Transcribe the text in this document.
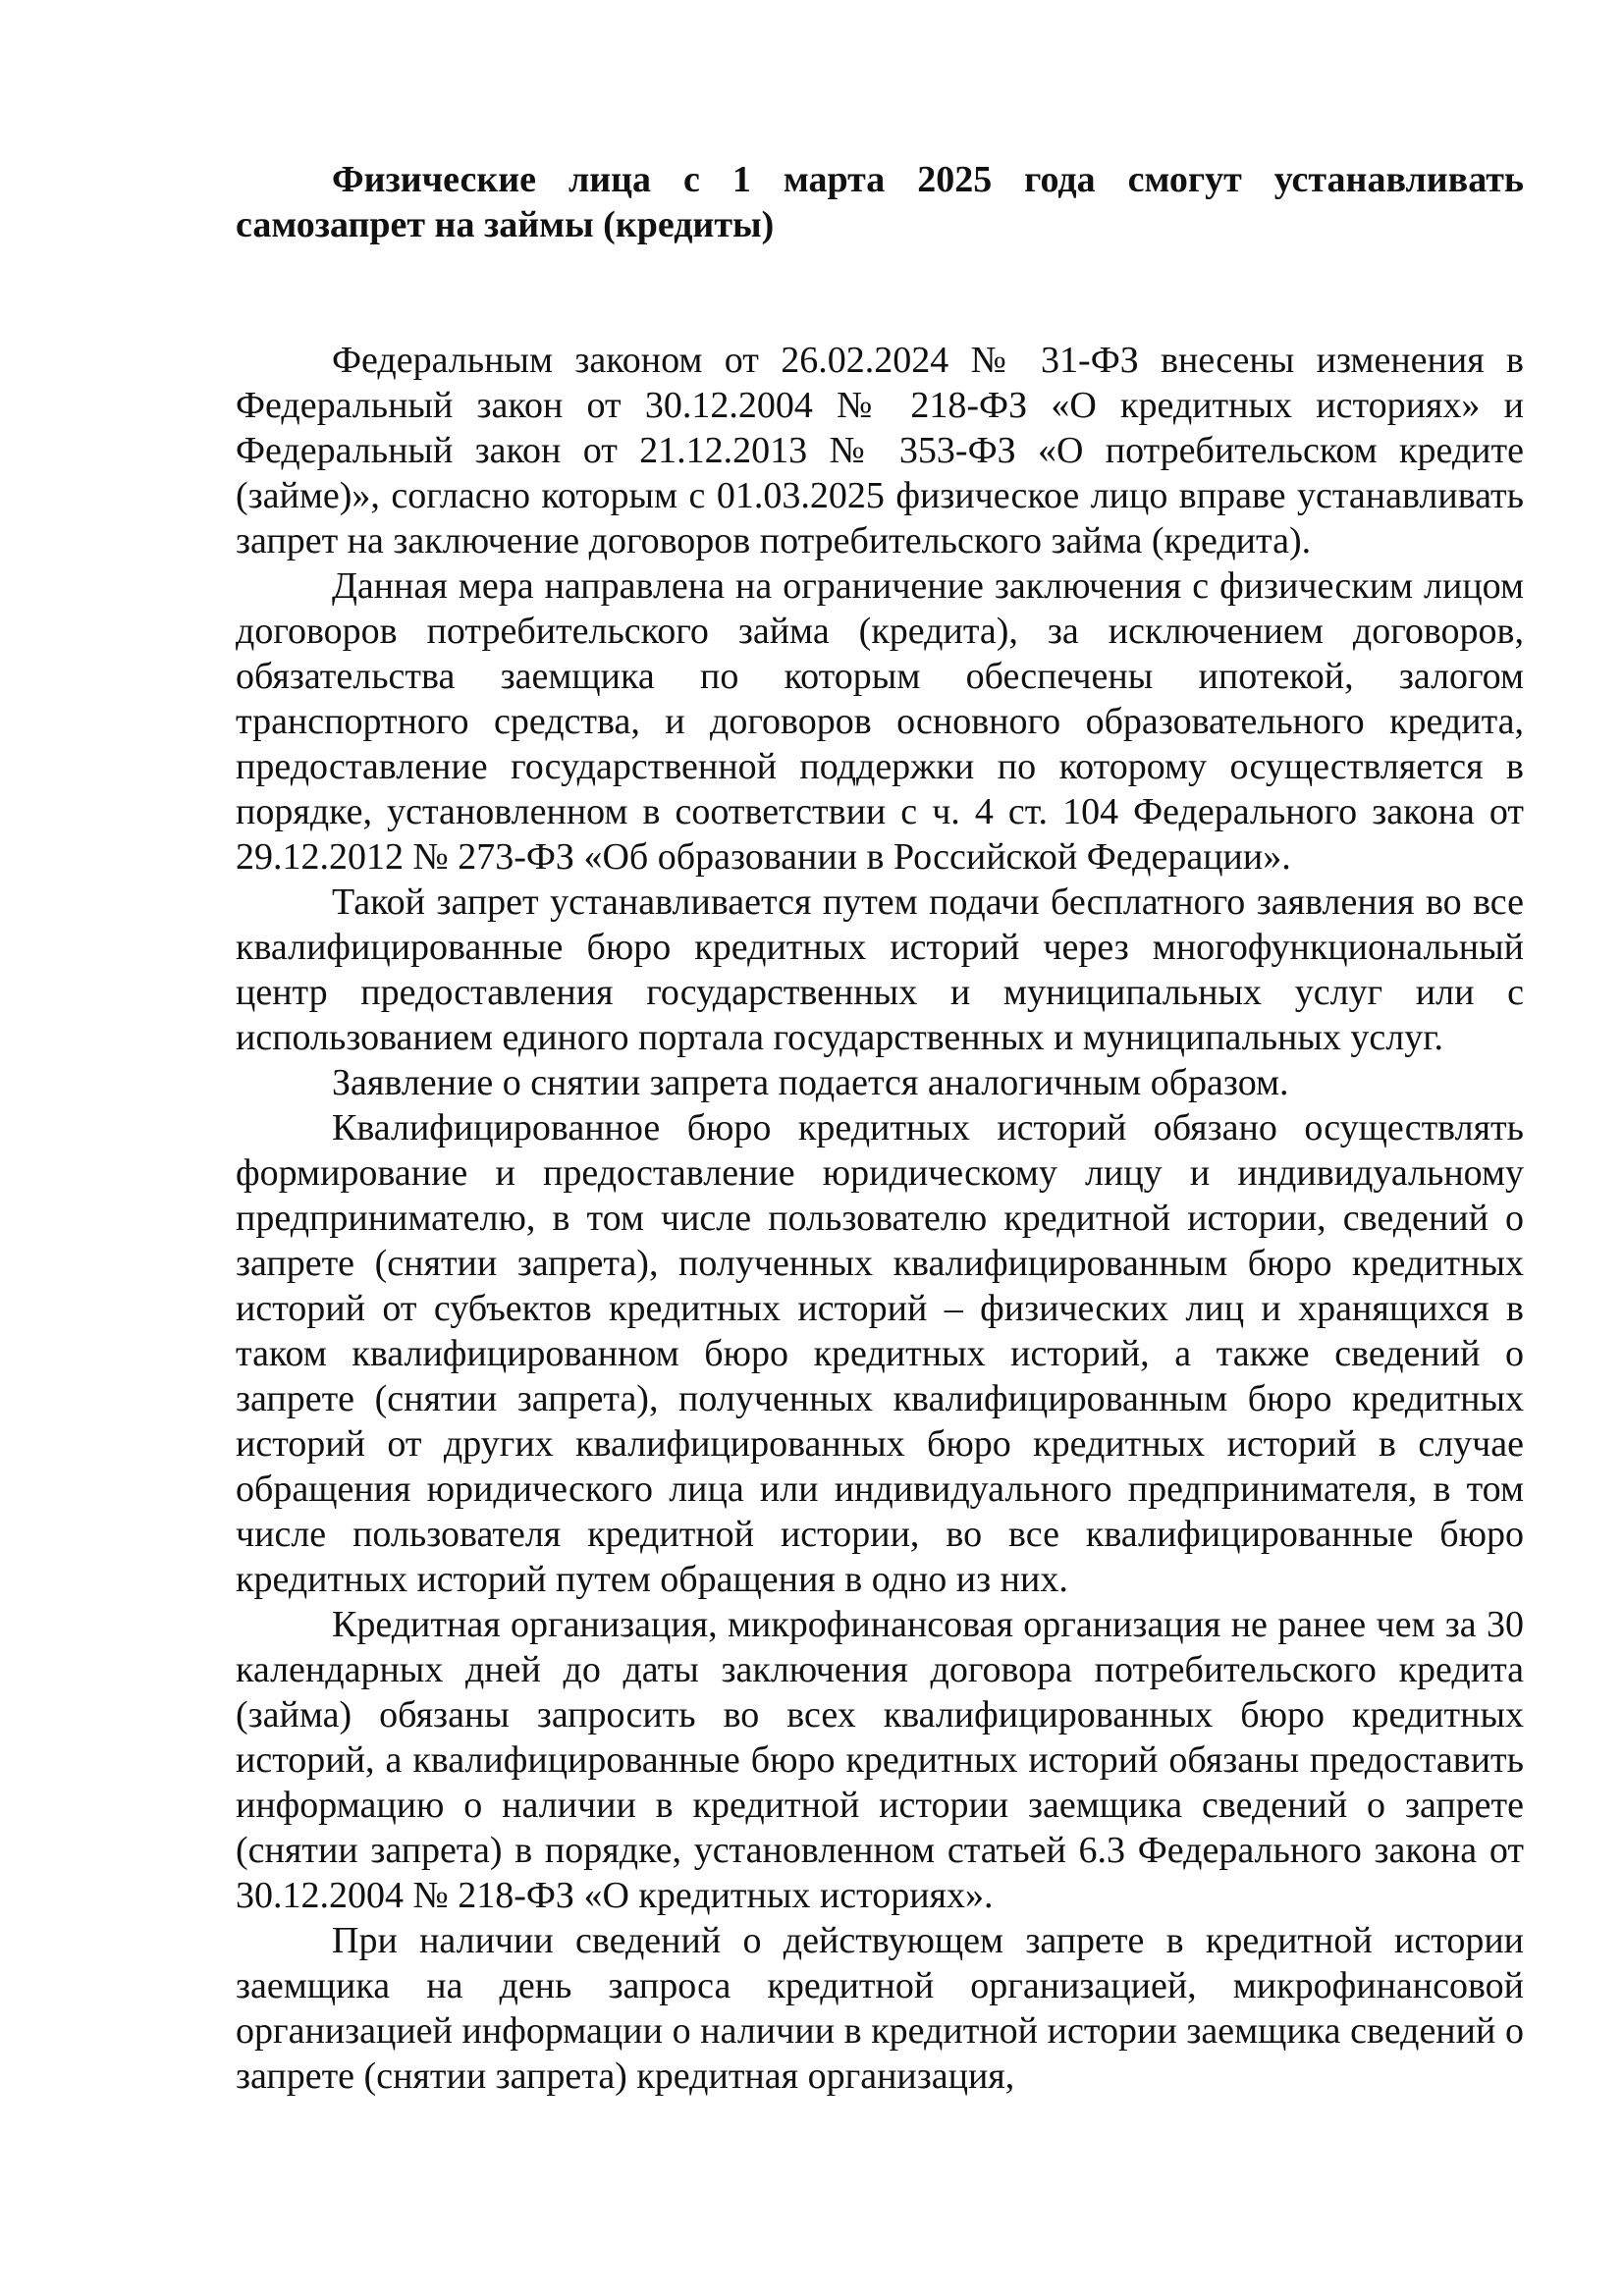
Физические лица с 1 марта 2025 года смогут устанавливать самозапрет на займы (кредиты)

Федеральным законом от 26.02.2024 № 31-ФЗ внесены изменения в Федеральный закон от 30.12.2004 № 218-ФЗ «О кредитных историях» и Федеральный закон от 21.12.2013 № 353-ФЗ «О потребительском кредите (займе)», согласно которым с 01.03.2025 физическое лицо вправе устанавливать запрет на заключение договоров потребительского займа (кредита).

Данная мера направлена на ограничение заключения с физическим лицом договоров потребительского займа (кредита), за исключением договоров, обязательства заемщика по которым обеспечены ипотекой, залогом транспортного средства, и договоров основного образовательного кредита, предоставление государственной поддержки по которому осуществляется в порядке, установленном в соответствии с ч. 4 ст. 104 Федерального закона от 29.12.2012 № 273-ФЗ «Об образовании в Российской Федерации».

Такой запрет устанавливается путем подачи бесплатного заявления во все квалифицированные бюро кредитных историй через многофункциональный центр предоставления государственных и муниципальных услуг или с использованием единого портала государственных и муниципальных услуг.

Заявление о снятии запрета подается аналогичным образом.

Квалифицированное бюро кредитных историй обязано осуществлять формирование и предоставление юридическому лицу и индивидуальному предпринимателю, в том числе пользователю кредитной истории, сведений о запрете (снятии запрета), полученных квалифицированным бюро кредитных историй от субъектов кредитных историй – физических лиц и хранящихся в таком квалифицированном бюро кредитных историй, а также сведений о запрете (снятии запрета), полученных квалифицированным бюро кредитных историй от других квалифицированных бюро кредитных историй в случае обращения юридического лица или индивидуального предпринимателя, в том числе пользователя кредитной истории, во все квалифицированные бюро кредитных историй путем обращения в одно из них.

Кредитная организация, микрофинансовая организация не ранее чем за 30 календарных дней до даты заключения договора потребительского кредита (займа) обязаны запросить во всех квалифицированных бюро кредитных историй, а квалифицированные бюро кредитных историй обязаны предоставить информацию о наличии в кредитной истории заемщика сведений о запрете (снятии запрета) в порядке, установленном статьей 6.3 Федерального закона от 30.12.2004 № 218-ФЗ «О кредитных историях».

При наличии сведений о действующем запрете в кредитной истории заемщика на день запроса кредитной организацией, микрофинансовой организацией информации о наличии в кредитной истории заемщика сведений о запрете (снятии запрета) кредитная организация,
